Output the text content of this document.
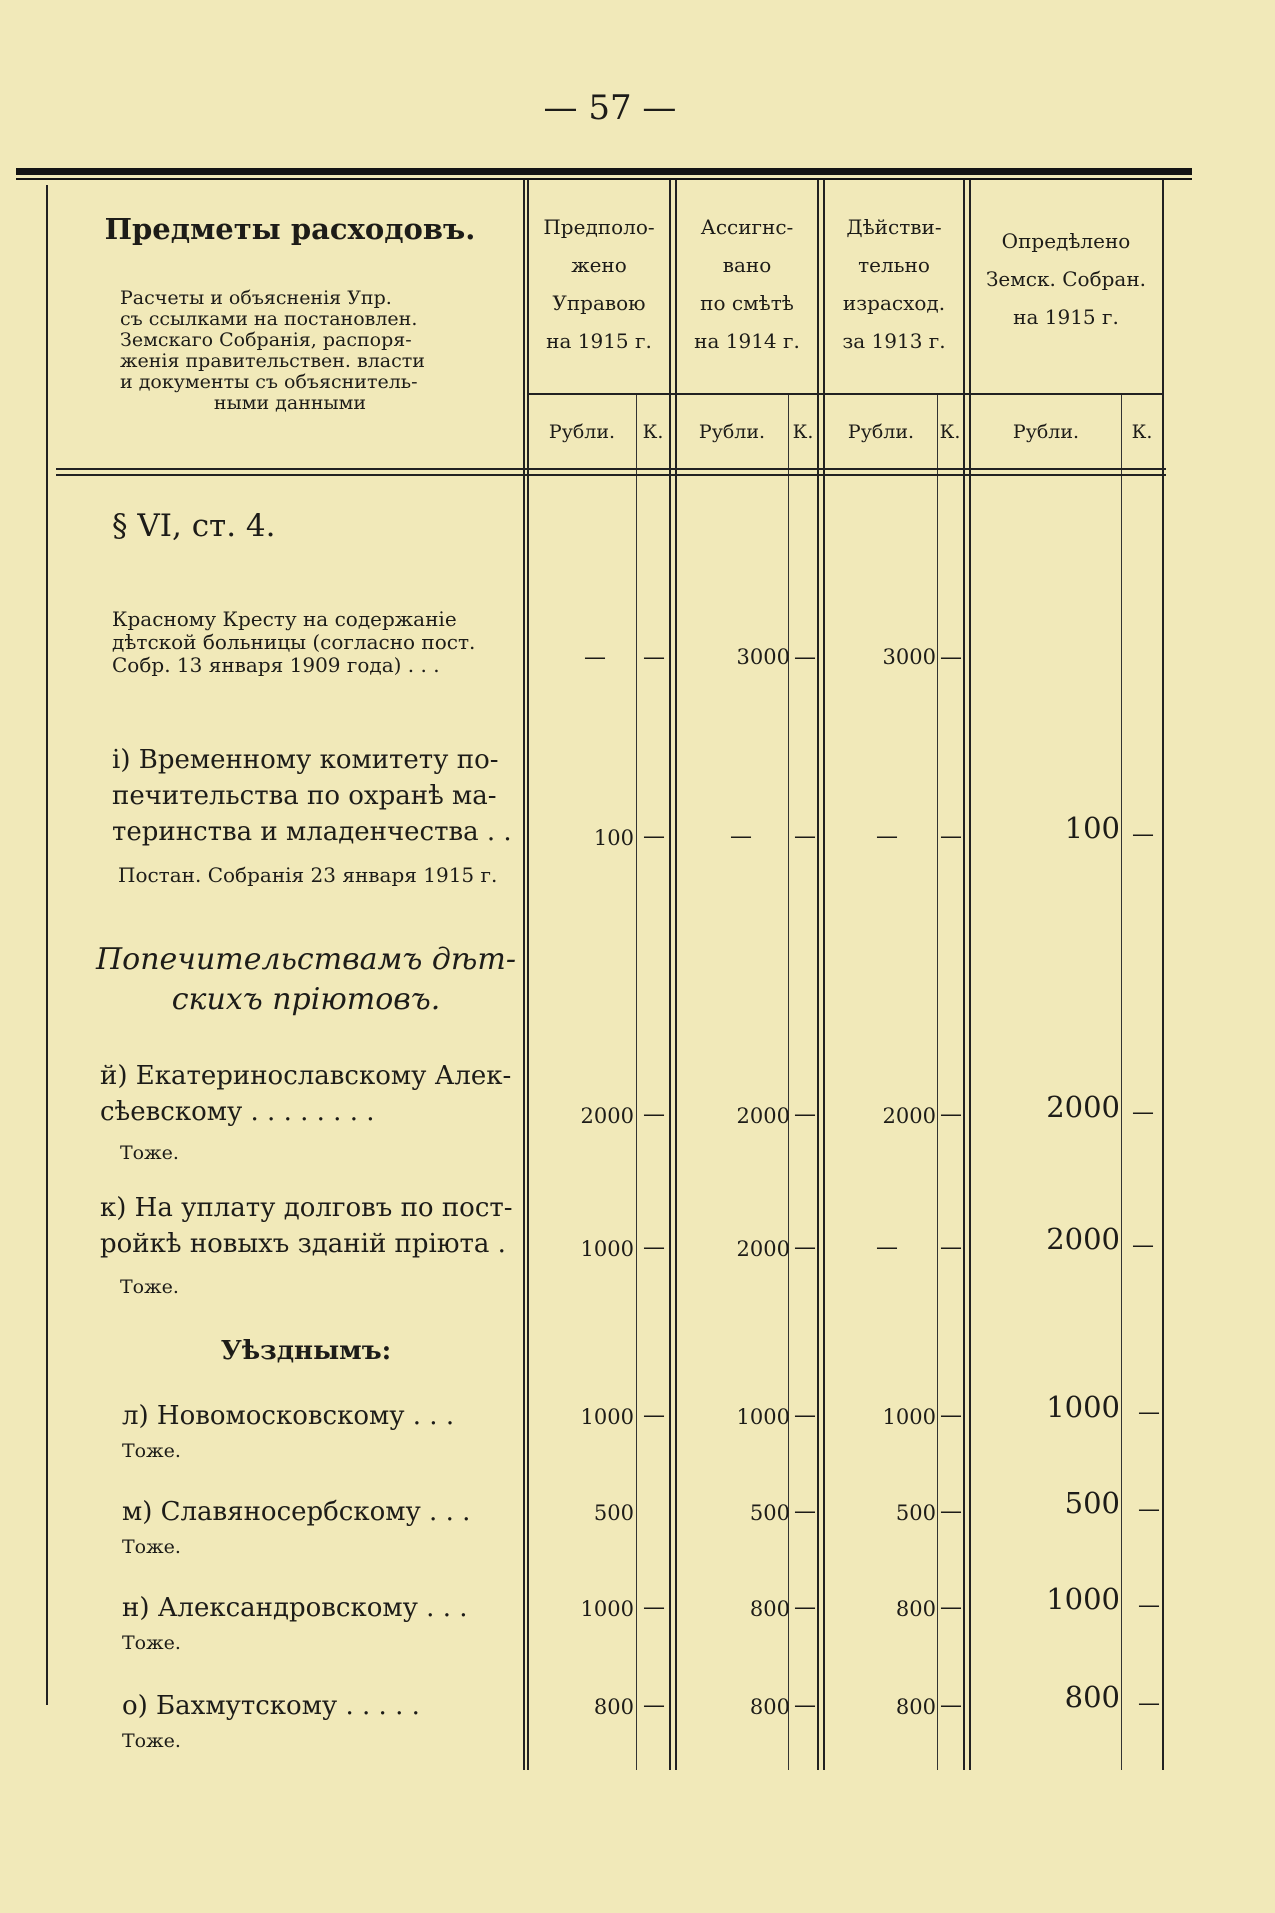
— 57 —
Предметы расходовъ.
Расчеты и объясненія Упр.
съ ссылками на постановлен.
Земскаго Собранія, распоря-
женія правительствен. власти
и документы съ объяснитель-
ными данными
Предполо-
жено
Управою
на 1915 г.
Ассигнс-
вано
по смѣтѣ
на 1914 г.
Дѣйстви-
тельно
израсход.
за 1913 г.
Опредѣлено
Земск. Собран.
на 1915 г.
Рубли.	К.	Рубли.	К.	Рубли.	К.	Рубли.	К.
§ VI, ст. 4.
Красному Кресту на содержаніе
дѣтской больницы (согласно пост.
Собр. 13 января 1909 года) . . .	—	—	3000 —	3000 —
і) Временному комитету по-
печительства по охранѣ ма-
теринства и младенчества . .
Постан. Собранія 23 января 1915 г.
100 —	—	—	—	—	100 —
Попечительствамъ дѣт-
скихъ пріютовъ.
й) Екатеринославскому Алек-
сѣевскому . . . . . . . .
Тоже.
2000 —	2000 —	2000 —	2000 —
к) На уплату долговъ по пост-
ройкѣ новыхъ зданій пріюта .
Тоже.
1000 —	2000 —	—	—	2000 —
Уѣзднымъ:
л) Новомосковскому . . .
Тоже.
1000 —	1000 —	1000 —	1000 —
м) Славяносербскому . . .
Тоже.
500	500 —	500 —	500 —
н) Александровскому . . .
Тоже.
1000 —	800 —	800 —	1000 —
о) Бахмутскому . . . . .
Тоже.
800 —	800 —	800 —	800 —
